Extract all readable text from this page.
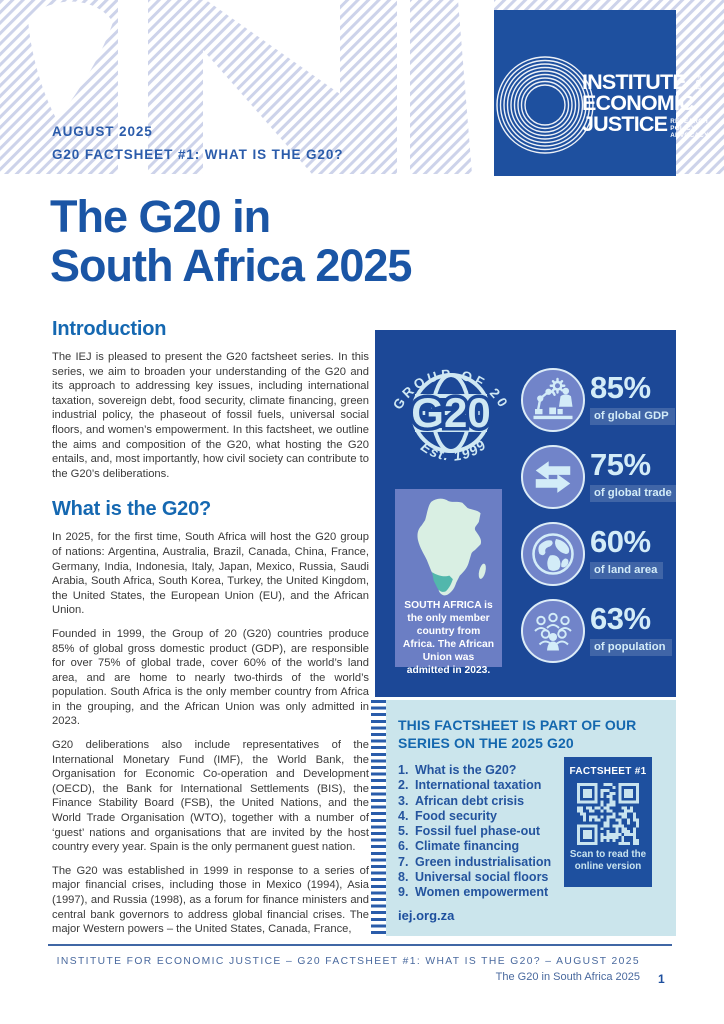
INSTITUTE	FOR
ECONOMIC
JUSTICE RESEARCH
POLICY
ADVOCACY
AUGUST 2025
G20 FACTSHEET #1: WHAT IS THE G20?
The G20 in
South Africa 2025
Introduction

The IEJ is pleased to present the G20 factsheet series. In this series, we aim to broaden your understanding of the G20 and its approach to addressing key issues, including international taxation, sovereign debt, food security, climate financing, green industrial policy, the phaseout of fossil fuels, universal social floors, and women’s empowerment. In this factsheet, we outline the aims and composition of the G20, what hosting the G20 entails, and, most importantly, how civil society can contribute to the G20’s deliberations.

What is the G20?

In 2025, for the first time, South Africa will host the G20 group of nations: Argentina, Australia, Brazil, Canada, China, France, Germany, India, Indonesia, Italy, Japan, Mexico, Russia, Saudi Arabia, South Africa, South Korea, Turkey, the United Kingdom, the United States, the European Union (EU), and the African Union.

Founded in 1999, the Group of 20 (G20) countries produce 85% of global gross domestic product (GDP), are responsible for over 75% of global trade, cover 60% of the world’s land area, and are home to nearly two-thirds of the world’s population. South Africa is the only member country from Africa in the grouping, and the African Union was only admitted in 2023.

G20 deliberations also include representatives of the International Monetary Fund (IMF), the World Bank, the Organisation for Economic Co-operation and Development (OECD), the Bank for International Settlements (BIS), the Finance Stability Board (FSB), the United Nations, and the World Trade Organisation (WTO), together with a number of ‘guest’ nations and organisations that are invited by the host country every year. Spain is the only permanent guest nation.

The G20 was established in 1999 in response to a series of major financial crises, including those in Mexico (1994), Asia (1997), and Russia (1998), as a forum for finance ministers and central bank governors to address global financial crises. The major Western powers – the United States, Canada, France,

GROUP OF 20
G20
Est. 1999
85%
of global GDP
75%
of global trade
60%
of land area
63%
of population
SOUTH AFRICA is the only member country from Africa. The African Union was admitted in 2023.
THIS FACTSHEET IS PART OF OUR
SERIES ON THE 2025 G20
What is the G20?
International taxation
African debt crisis
Food security
Fossil fuel phase-out
Climate financing
Green industrialisation
Universal social floors
Women empowerment
iej.org.za
FACTSHEET #1
Scan to read the online version
INSTITUTE FOR ECONOMIC JUSTICE – G20 FACTSHEET #1: WHAT IS THE G20? – AUGUST 2025
The G20 in South Africa 2025 1
